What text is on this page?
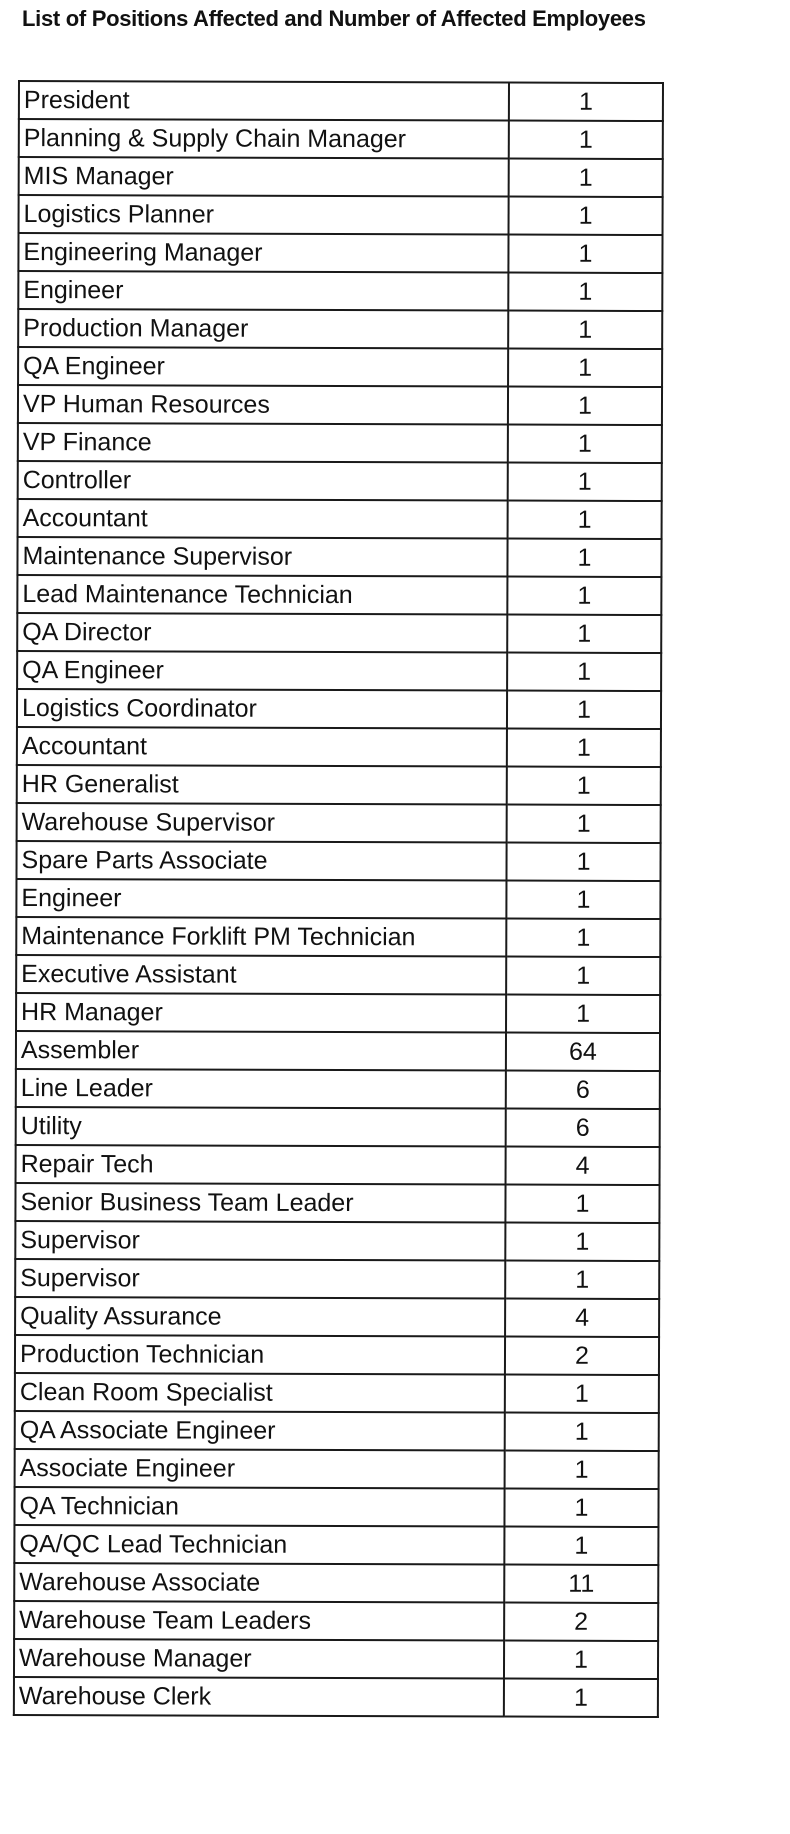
List of Positions Affected and Number of Affected Employees
President	1
Planning & Supply Chain Manager	1
MIS Manager	1
Logistics Planner	1
Engineering Manager	1
Engineer	1
Production Manager	1
QA Engineer	1
VP Human Resources	1
VP Finance	1
Controller	1
Accountant	1
Maintenance Supervisor	1
Lead Maintenance Technician	1
QA Director	1
QA Engineer	1
Logistics Coordinator	1
Accountant	1
HR Generalist	1
Warehouse Supervisor	1
Spare Parts Associate	1
Engineer	1
Maintenance Forklift PM Technician	1
Executive Assistant	1
HR Manager	1
Assembler	64
Line Leader	6
Utility	6
Repair Tech	4
Senior Business Team Leader	1
Supervisor	1
Supervisor	1
Quality Assurance	4
Production Technician	2
Clean Room Specialist	1
QA Associate Engineer	1
Associate Engineer	1
QA Technician	1
QA/QC Lead Technician	1
Warehouse Associate	11
Warehouse Team Leaders	2
Warehouse Manager	1
Warehouse Clerk	1
